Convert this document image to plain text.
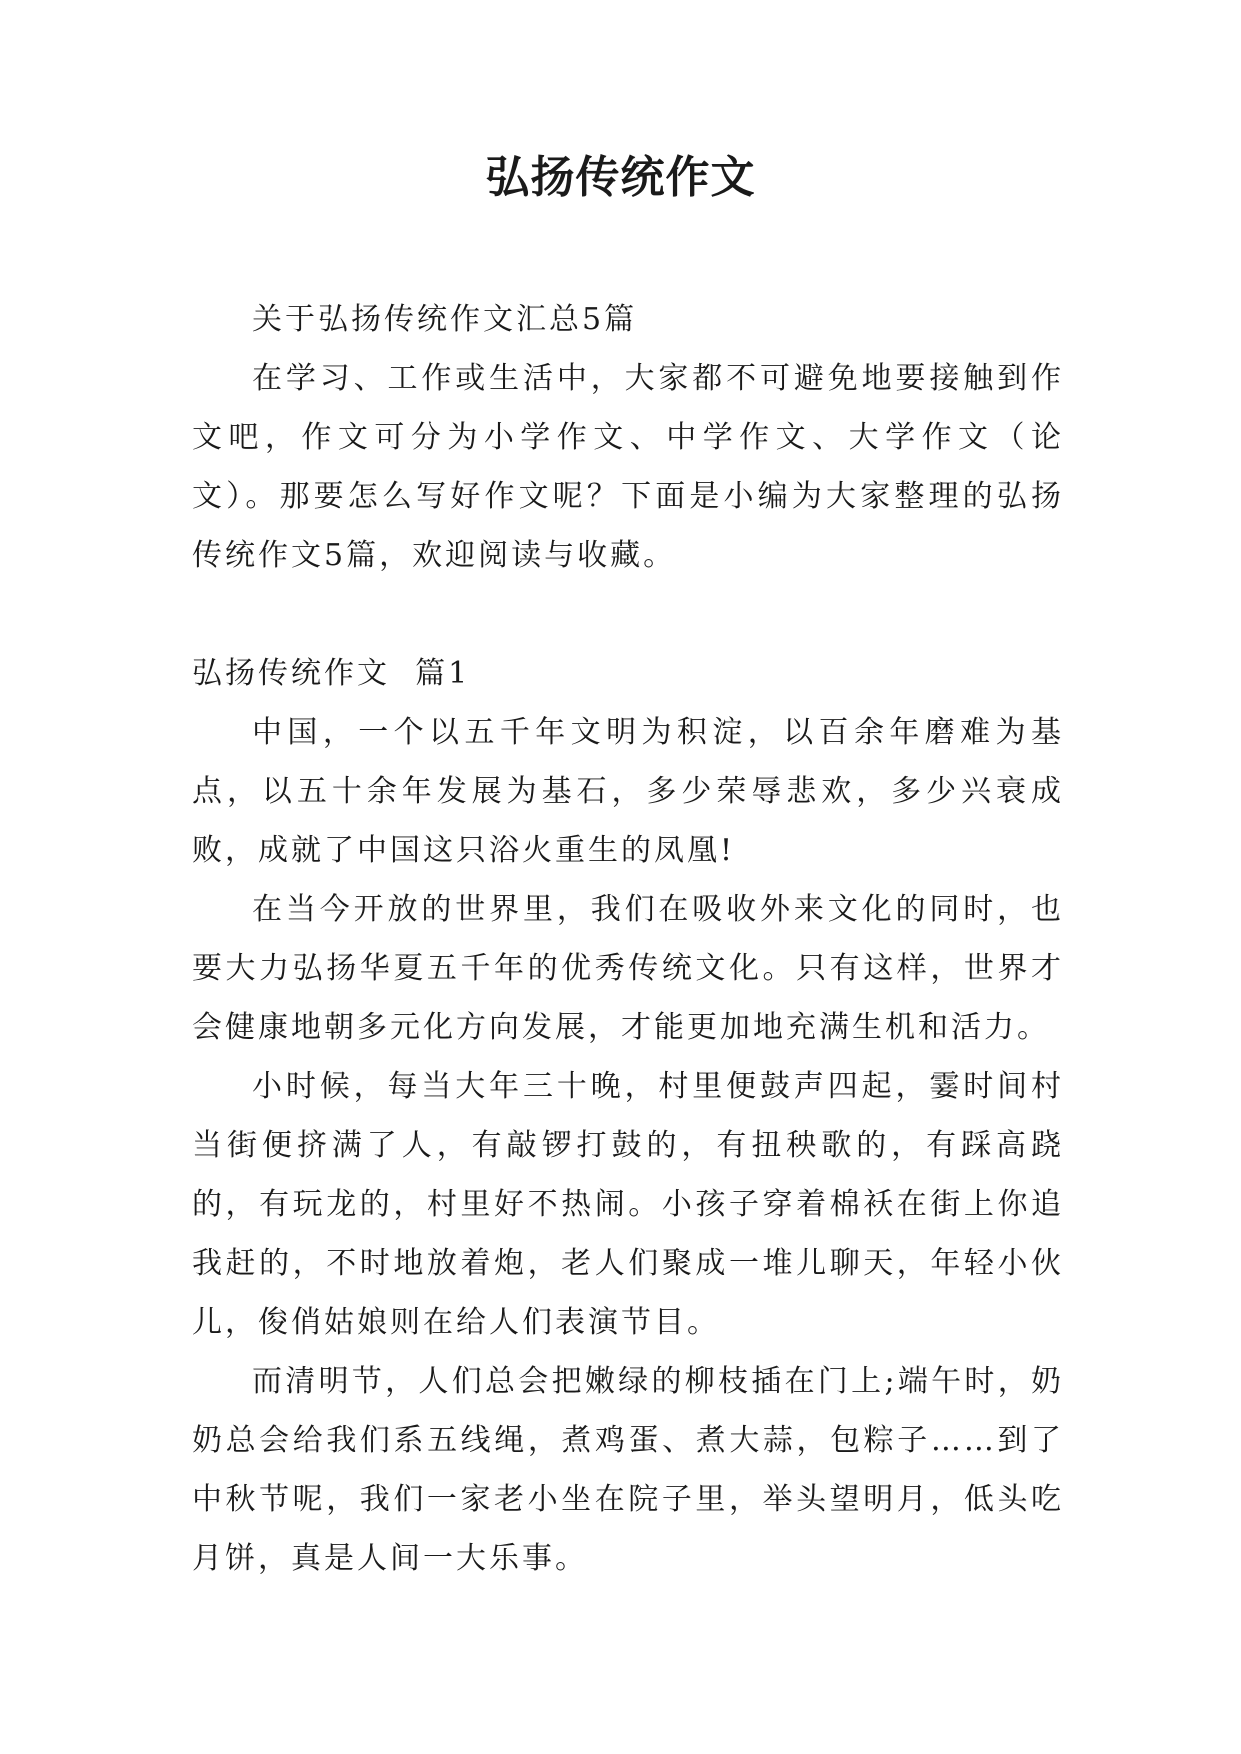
弘扬传统作文

关于弘扬传统作文汇总5篇

在学习、工作或生活中，大家都不可避免地要接触到作文吧，作文可分为小学作文、中学作文、大学作文（论文）。那要怎么写好作文呢？下面是小编为大家整理的弘扬传统作文5篇，欢迎阅读与收藏。

弘扬传统作文  篇1

中国，一个以五千年文明为积淀，以百余年磨难为基点，以五十余年发展为基石，多少荣辱悲欢，多少兴衰成败，成就了中国这只浴火重生的凤凰!

在当今开放的世界里，我们在吸收外来文化的同时，也要大力弘扬华夏五千年的优秀传统文化。只有这样，世界才会健康地朝多元化方向发展，才能更加地充满生机和活力。

小时候，每当大年三十晚，村里便鼓声四起，霎时间村当街便挤满了人，有敲锣打鼓的，有扭秧歌的，有踩高跷的，有玩龙的，村里好不热闹。小孩子穿着棉袄在街上你追我赶的，不时地放着炮，老人们聚成一堆儿聊天，年轻小伙儿，俊俏姑娘则在给人们表演节目。

而清明节，人们总会把嫩绿的柳枝插在门上;端午时，奶奶总会给我们系五线绳，煮鸡蛋、煮大蒜，包粽子……到了中秋节呢，我们一家老小坐在院子里，举头望明月，低头吃月饼，真是人间一大乐事。
